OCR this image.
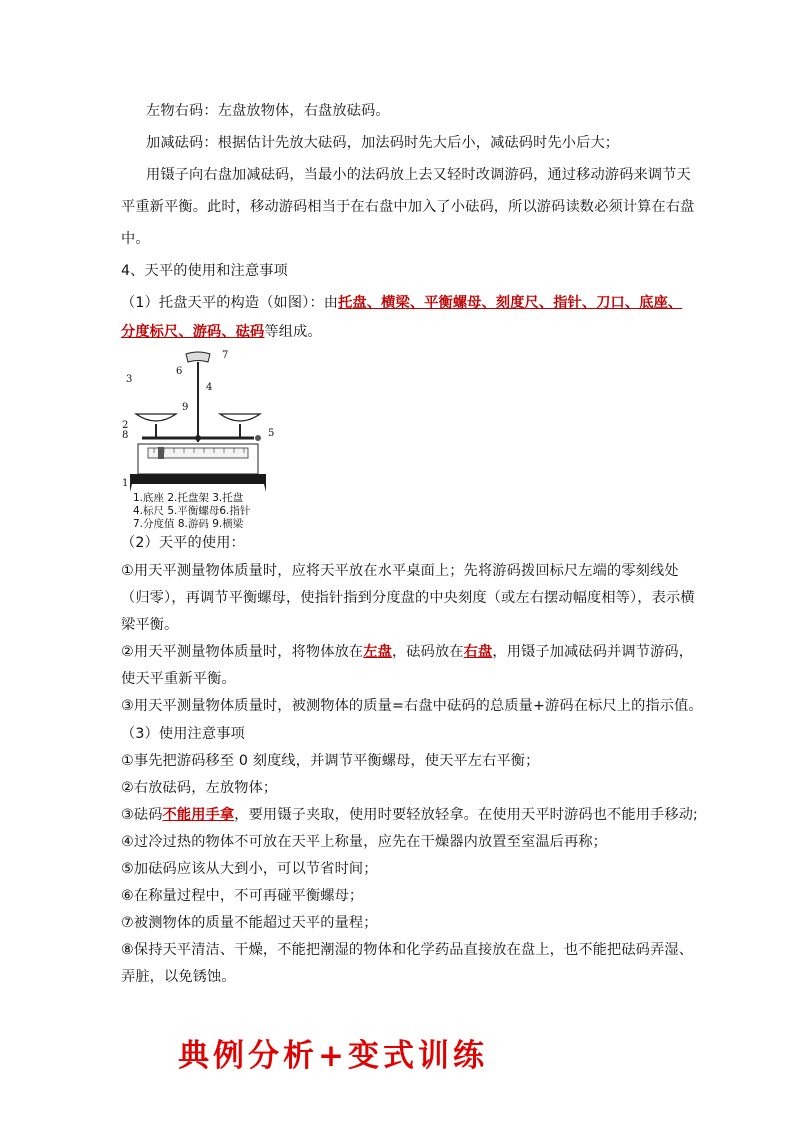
左物右码：左盘放物体，右盘放砝码。
加减砝码：根据估计先放大砝码，加法码时先大后小，减砝码时先小后大；
用镊子向右盘加减砝码，当最小的法码放上去又轻时改调游码，通过移动游码来调节天
平重新平衡。此时，移动游码相当于在右盘中加入了小砝码，所以游码读数必须计算在右盘
中。
4、天平的使用和注意事项
（1）托盘天平的构造（如图）：由托盘、横梁、平衡螺母、刻度尺、指针、刀口、底座、
分度标尺、游码、砝码等组成。
1
2
3
4
5
6
7
8
9
1.底座 2.托盘架 3.托盘
4.标尺 5.平衡螺母6.指针
7.分度值 8.游码 9.横梁
（2）天平的使用：
①用天平测量物体质量时，应将天平放在水平桌面上；先将游码拨回标尺左端的零刻线处
（归零），再调节平衡螺母，使指针指到分度盘的中央刻度（或左右摆动幅度相等），表示横
梁平衡。
②用天平测量物体质量时，将物体放在左盘，砝码放在右盘，用镊子加减砝码并调节游码，
使天平重新平衡。
③用天平测量物体质量时，被测物体的质量=右盘中砝码的总质量+游码在标尺上的指示值。
（3）使用注意事项
①事先把游码移至 0 刻度线，并调节平衡螺母，使天平左右平衡；
②右放砝码，左放物体；
③砝码不能用手拿，要用镊子夹取，使用时要轻放轻拿。在使用天平时游码也不能用手移动;
④过冷过热的物体不可放在天平上称量，应先在干燥器内放置至室温后再称；
⑤加砝码应该从大到小，可以节省时间；
⑥在称量过程中，不可再碰平衡螺母；
⑦被测物体的质量不能超过天平的量程；
⑧保持天平清洁、干燥，不能把潮湿的物体和化学药品直接放在盘上，也不能把砝码弄湿、
弄脏，以免锈蚀。
典例分析+变式训练
